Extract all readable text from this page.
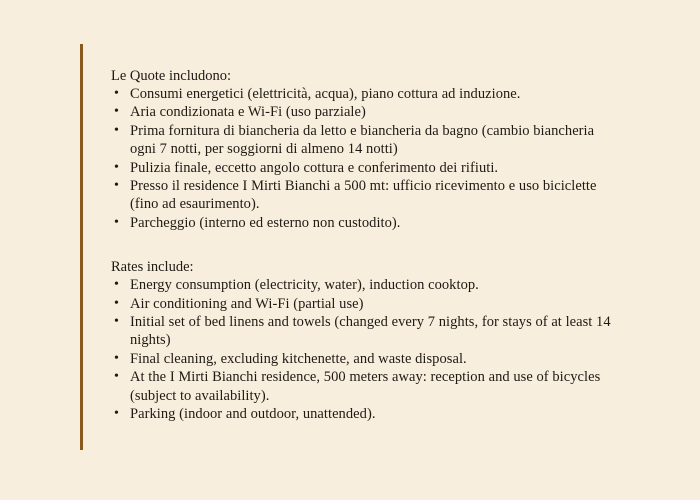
Le Quote includono:
• Consumi energetici (elettricità, acqua), piano cottura ad induzione.
• Aria condizionata e Wi-Fi (uso parziale)
• Prima fornitura di biancheria da letto e biancheria da bagno (cambio biancheria ogni 7 notti, per soggiorni di almeno 14 notti)
• Pulizia finale, eccetto angolo cottura e conferimento dei rifiuti.
• Presso il residence I Mirti Bianchi a 500 mt: ufficio ricevimento e uso biciclette (fino ad esaurimento).
• Parcheggio (interno ed esterno non custodito).
Rates include:
• Energy consumption (electricity, water), induction cooktop.
• Air conditioning and Wi-Fi (partial use)
• Initial set of bed linens and towels (changed every 7 nights, for stays of at least 14 nights)
• Final cleaning, excluding kitchenette, and waste disposal.
• At the I Mirti Bianchi residence, 500 meters away: reception and use of bicycles (subject to availability).
• Parking (indoor and outdoor, unattended).
